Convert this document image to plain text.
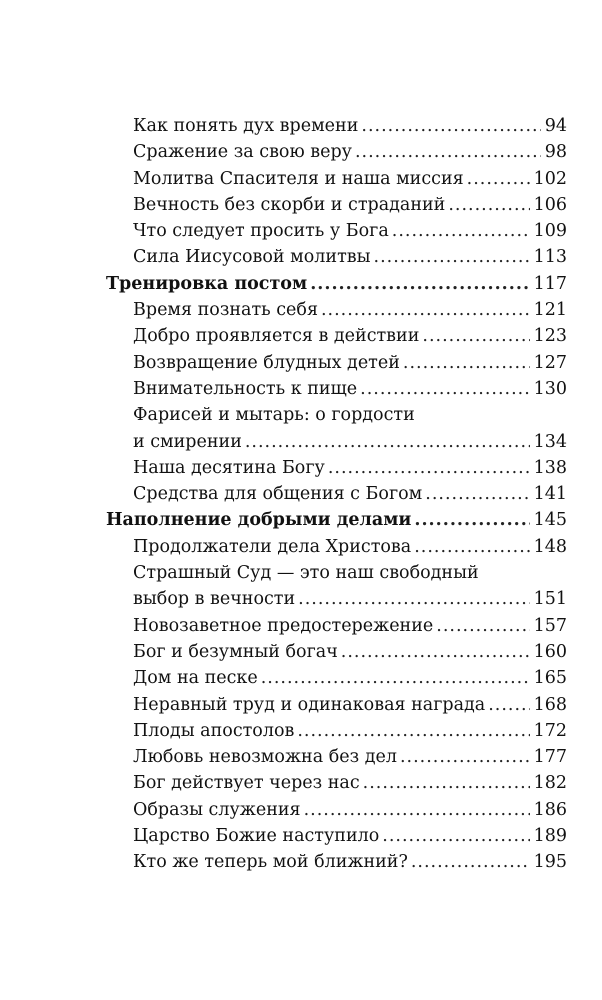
Как понять дух времени .....	94
Сражение за свою веру .....	98
Молитва Спасителя и наша миссия .....	102
Вечность без скорби и страданий .....	106
Что следует просить у Бога .....	109
Сила Иисусовой молитвы .....	113
Тренировка постом .....	117
Время познать себя .....	121
Добро проявляется в действии .....	123
Возвращение блудных детей .....	127
Внимательность к пище .....	130
Фарисей и мытарь: о гордости
и смирении .....	134
Наша десятина Богу .....	138
Средства для общения с Богом .....	141
Наполнение добрыми делами .....	145
Продолжатели дела Христова .....	148
Страшный Суд — это наш свободный
выбор в вечности .....	151
Новозаветное предостережение .....	157
Бог и безумный богач .....	160
Дом на песке .....	165
Неравный труд и одинаковая награда .....	168
Плоды апостолов .....	172
Любовь невозможна без дел .....	177
Бог действует через нас .....	182
Образы служения .....	186
Царство Божие наступило .....	189
Кто же теперь мой ближний? .....	195
